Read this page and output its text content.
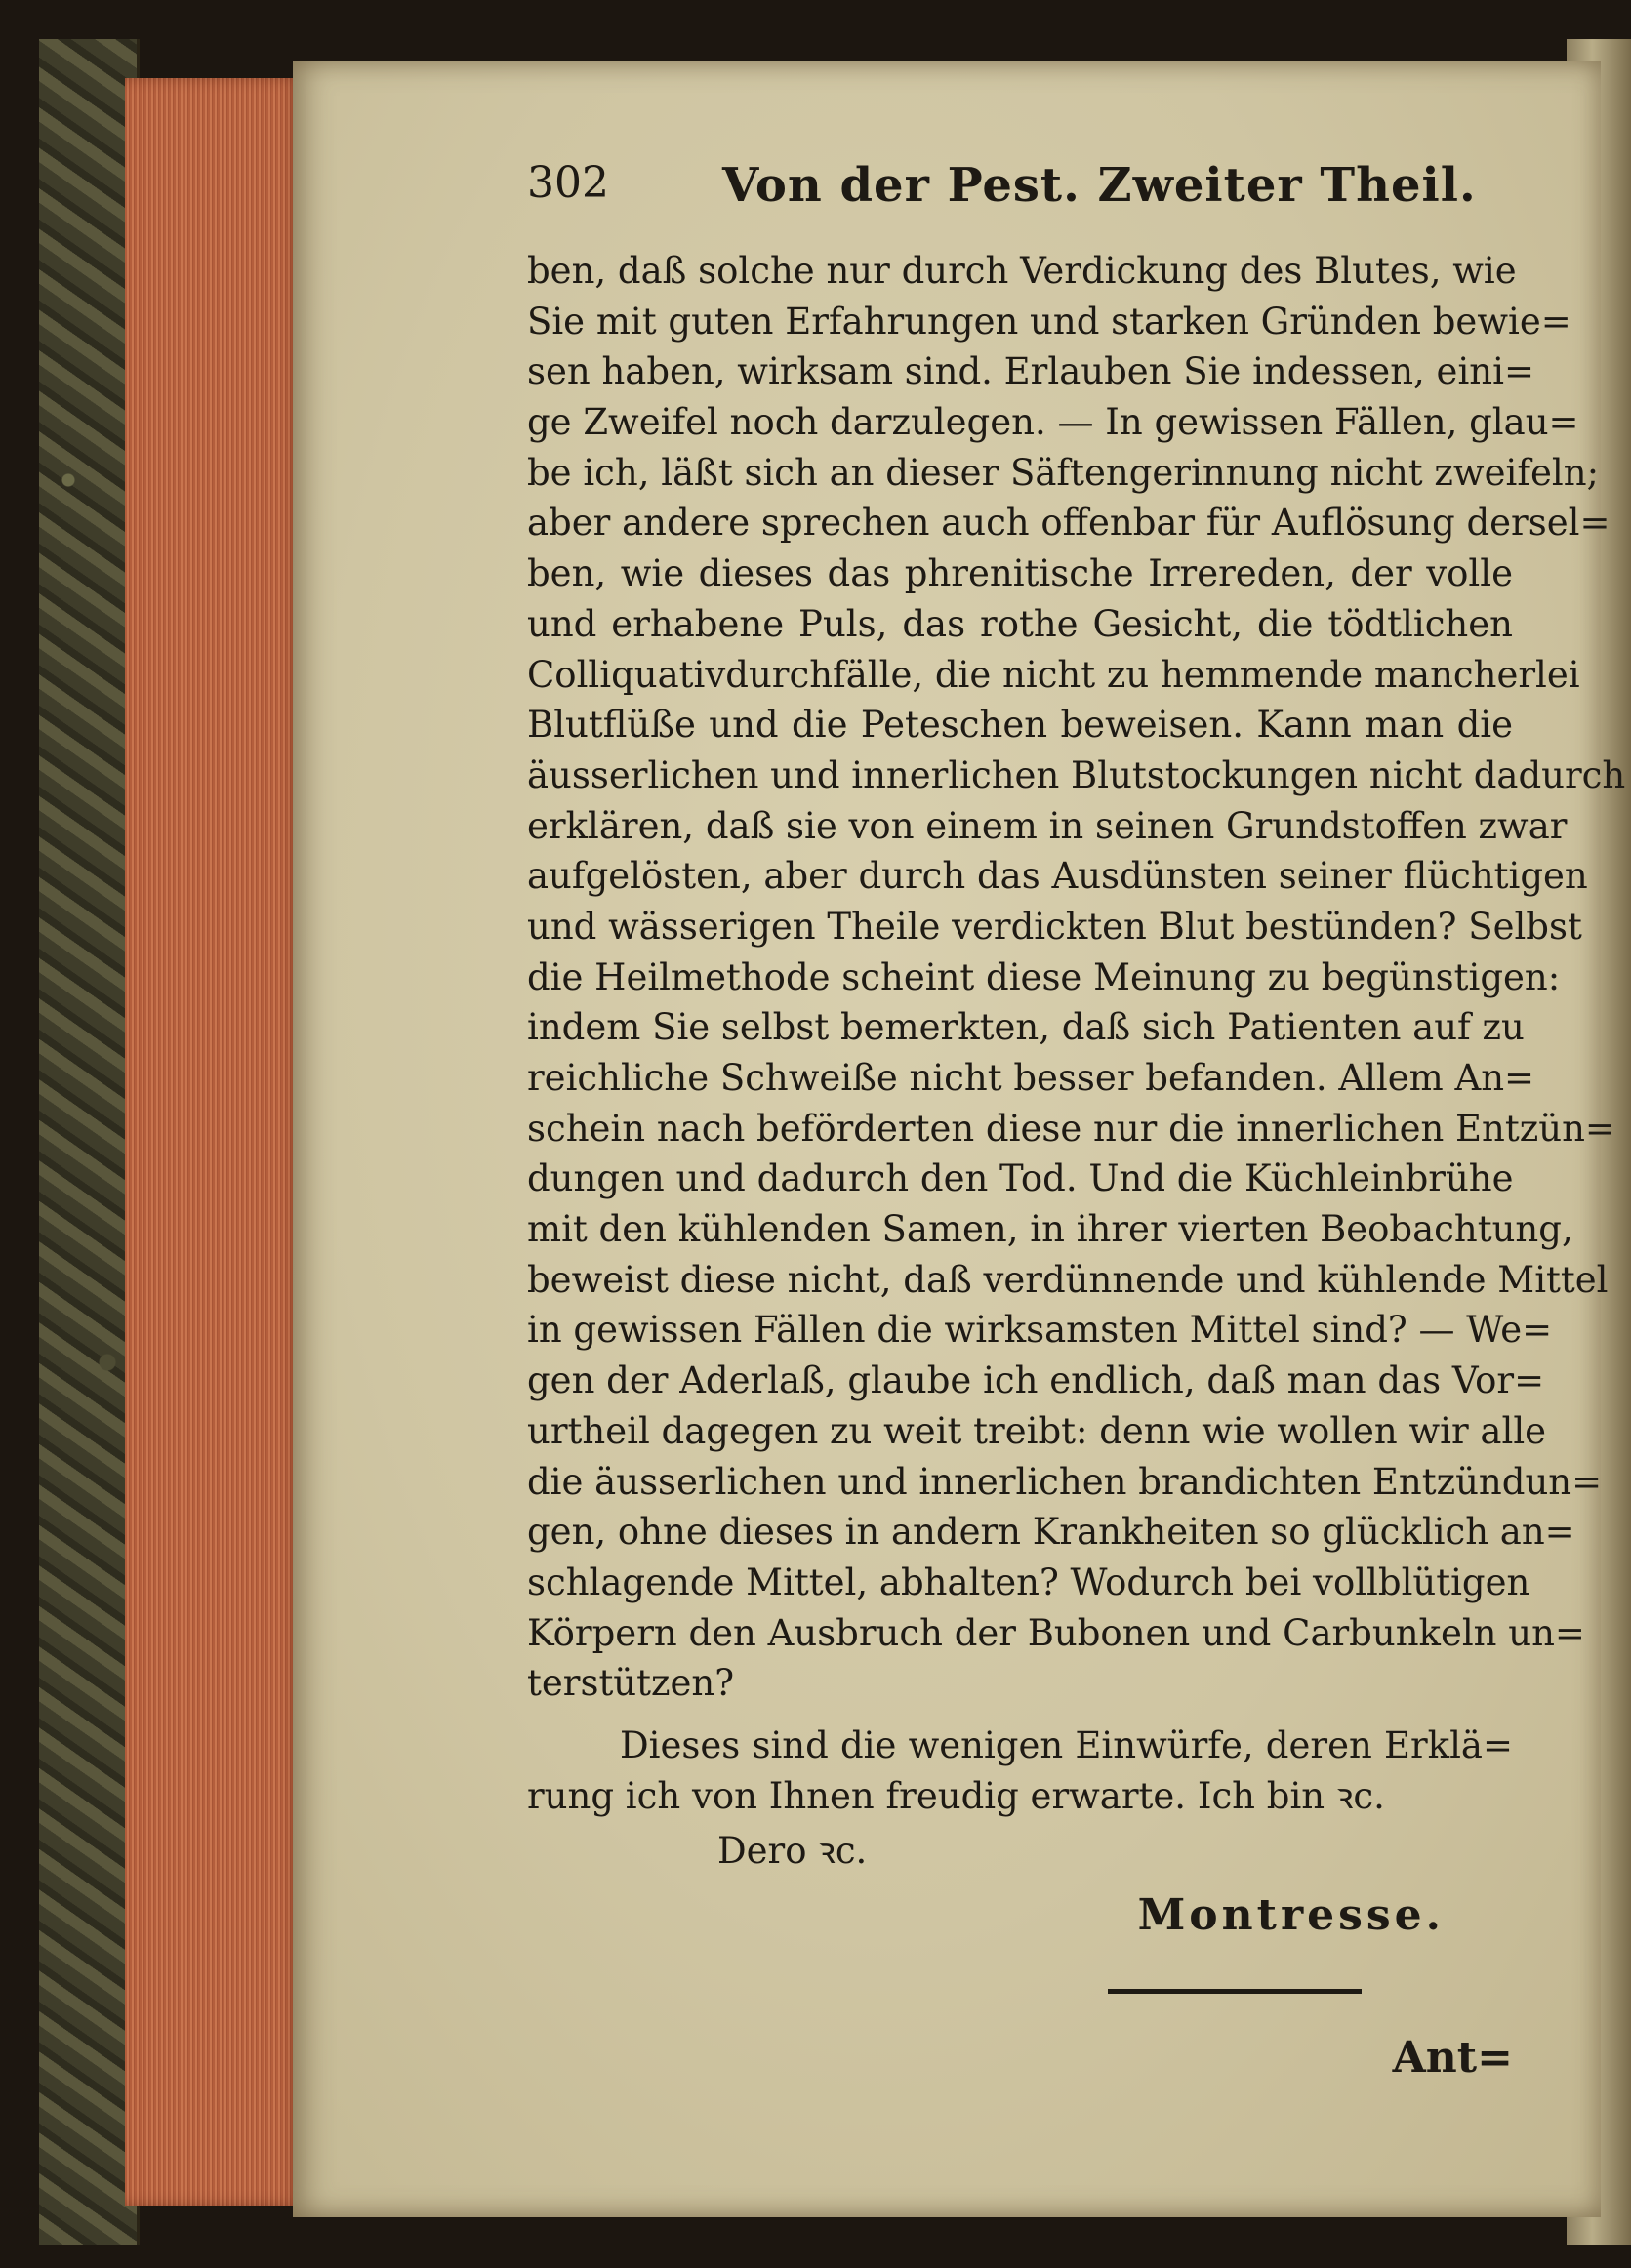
302 Von der Pest. Zweiter Theil.
ben, daß solche nur durch Verdickung des Blutes, wie
Sie mit guten Erfahrungen und starken Gründen bewie=
sen haben, wirksam sind. Erlauben Sie indessen, eini=
ge Zweifel noch darzulegen. — In gewissen Fällen, glau=
be ich, läßt sich an dieser Säftengerinnung nicht zweifeln;
aber andere sprechen auch offenbar für Auflösung dersel=
ben, wie dieses das phrenitische Irrereden, der volle
und erhabene Puls, das rothe Gesicht, die tödtlichen
Colliquativdurchfälle, die nicht zu hemmende mancherlei
Blutflüße und die Peteschen beweisen. Kann man die
äusserlichen und innerlichen Blutstockungen nicht dadurch
erklären, daß sie von einem in seinen Grundstoffen zwar
aufgelösten, aber durch das Ausdünsten seiner flüchtigen
und wässerigen Theile verdickten Blut bestünden? Selbst
die Heilmethode scheint diese Meinung zu begünstigen:
indem Sie selbst bemerkten, daß sich Patienten auf zu
reichliche Schweiße nicht besser befanden. Allem An=
schein nach beförderten diese nur die innerlichen Entzün=
dungen und dadurch den Tod. Und die Küchleinbrühe
mit den kühlenden Samen, in ihrer vierten Beobachtung,
beweist diese nicht, daß verdünnende und kühlende Mittel
in gewissen Fällen die wirksamsten Mittel sind? — We=
gen der Aderlaß, glaube ich endlich, daß man das Vor=
urtheil dagegen zu weit treibt: denn wie wollen wir alle
die äusserlichen und innerlichen brandichten Entzündun=
gen, ohne dieses in andern Krankheiten so glücklich an=
schlagende Mittel, abhalten? Wodurch bei vollblütigen
Körpern den Ausbruch der Bubonen und Carbunkeln un=
terstützen?
Dieses sind die wenigen Einwürfe, deren Erklä=
rung ich von Ihnen freudig erwarte. Ich bin ꝛc.
Dero ꝛc.
Montresse.
Ant=
